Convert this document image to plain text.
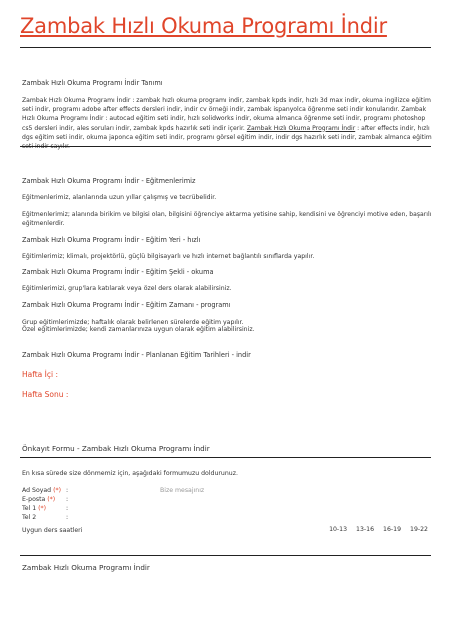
Zambak Hızlı Okuma Programı İndir
Zambak Hızlı Okuma Programı İndir Tanımı
Zambak Hızlı Okuma Programı İndir : zambak hızlı okuma programı indir, zambak kpds indir, hızlı 3d max indir, okuma ingilizce eğitim seti indir, programı adobe after effects dersleri indir, indir cv örneği indir, zambak ispanyolca öğrenme seti indir konularıdır. Zambak Hızlı Okuma Programı İndir : autocad eğitim seti indir, hızlı solidworks indir, okuma almanca öğrenme seti indir, programı photoshop cs5 dersleri indir, ales soruları indir, zambak kpds hazırlık seti indir içerir. Zambak Hızlı Okuma Programı İndir : after effects indir, hızlı dgs eğitim seti indir, okuma japonca eğitim seti indir, programı görsel eğitim indir, indir dgs hazırlık seti indir, zambak almanca eğitim
Zambak Hızlı Okuma Programı İndir - Eğitmenlerimiz
Eğitmenlerimiz, alanlarında uzun yıllar çalışmış ve tecrübelidir.
Eğitmenlerimiz; alanında birikim ve bilgisi olan, bilgisini öğrenciye aktarma yetisine sahip, kendisini ve öğrenciyi motive eden, başarılı eğitmenlerdir.
Zambak Hızlı Okuma Programı İndir - Eğitim Yeri - hızlı
Eğitimlerimiz; klimalı, projektörlü, güçlü bilgisayarlı ve hızlı internet bağlantılı sınıflarda yapılır.
Zambak Hızlı Okuma Programı İndir - Eğitim Şekli - okuma
Eğitimlerimizi, grup'lara katılarak veya özel ders olarak alabilirsiniz.
Zambak Hızlı Okuma Programı İndir - Eğitim Zamanı - programı
Grup eğitimlerimizde; haftalık olarak belirlenen sürelerde eğitim yapılır.
Özel eğitimlerimizde; kendi zamanlarınıza uygun olarak eğitim alabilirsiniz.
Zambak Hızlı Okuma Programı İndir - Planlanan Eğitim Tarihleri - indir
Hafta İçi :
Hafta Sonu :
Önkayıt Formu - Zambak Hızlı Okuma Programı İndir
En kısa sürede size dönmemiz için, aşağıdaki formumuzu doldurunuz.
Ad Soyad (*) :
E-posta (*) :
Tel 1 (*)	:
Tel 2	:
Bize mesajınız
Uygun ders saatleri	10-13 13-16 16-19 19-22
Zambak Hızlı Okuma Programı İndir
